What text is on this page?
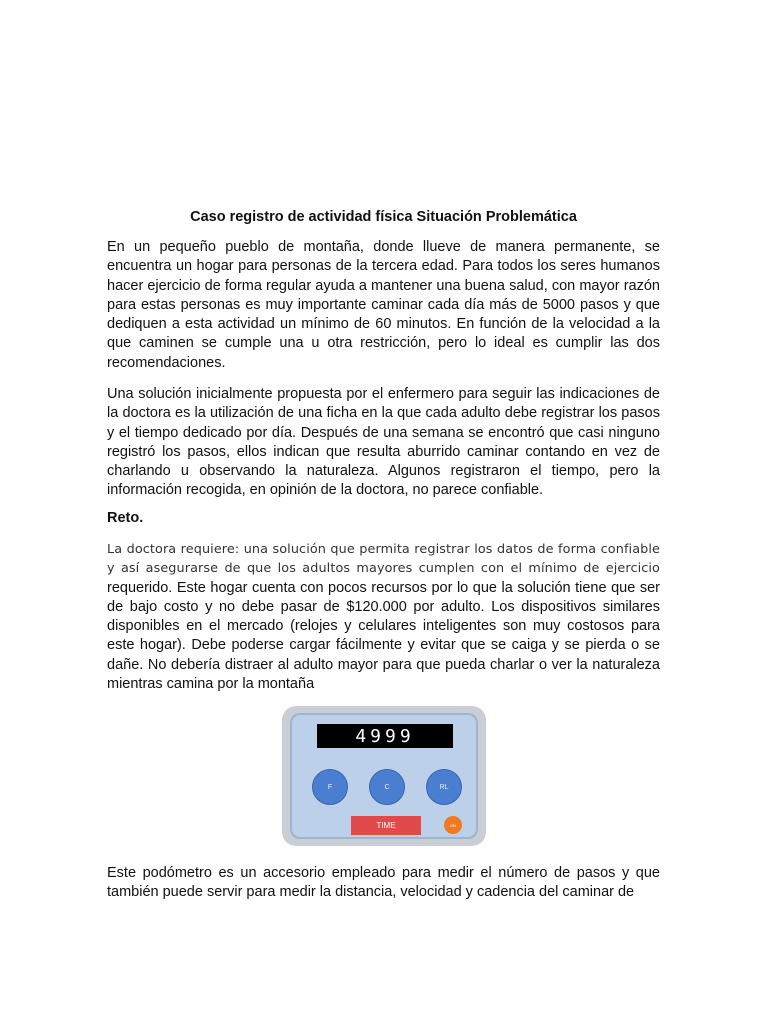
Caso registro de actividad física Situación Problemática

En un pequeño pueblo de montaña, donde llueve de manera permanente, se encuentra un hogar para personas de la tercera edad. Para todos los seres humanos hacer ejercicio de forma regular ayuda a mantener una buena salud, con mayor razón para estas personas es muy importante caminar cada día más de 5000 pasos y que dediquen a esta actividad un mínimo de 60 minutos. En función de la velocidad a la que caminen se cumple una u otra restricción, pero lo ideal es cumplir las dos recomendaciones.

Una solución inicialmente propuesta por el enfermero para seguir las indicaciones de la doctora es la utilización de una ficha en la que cada adulto debe registrar los pasos y el tiempo dedicado por día. Después de una semana se encontró que casi ninguno registró los pasos, ellos indican que resulta aburrido caminar contando en vez de charlando u observando la naturaleza. Algunos registraron el tiempo, pero la información recogida, en opinión de la doctora, no parece confiable.

Reto.

La doctora requiere: una solución que permita registrar los datos de forma confiable y así asegurarse de que los adultos mayores cumplen con el mínimo de ejercicio requerido. Este hogar cuenta con pocos recursos por lo que la solución tiene que ser de bajo costo y no debe pasar de $120.000 por adulto. Los dispositivos similares disponibles en el mercado (relojes y celulares inteligentes son muy costosos para este hogar). Debe poderse cargar fácilmente y evitar que se caiga y se pierda o se dañe. No debería distraer al adulto mayor para que pueda charlar o ver la naturaleza mientras camina por la montaña

4999
F	C	RL
TIME	ON

Este podómetro es un accesorio empleado para medir el número de pasos y que también puede servir para medir la distancia, velocidad y cadencia del caminar de
